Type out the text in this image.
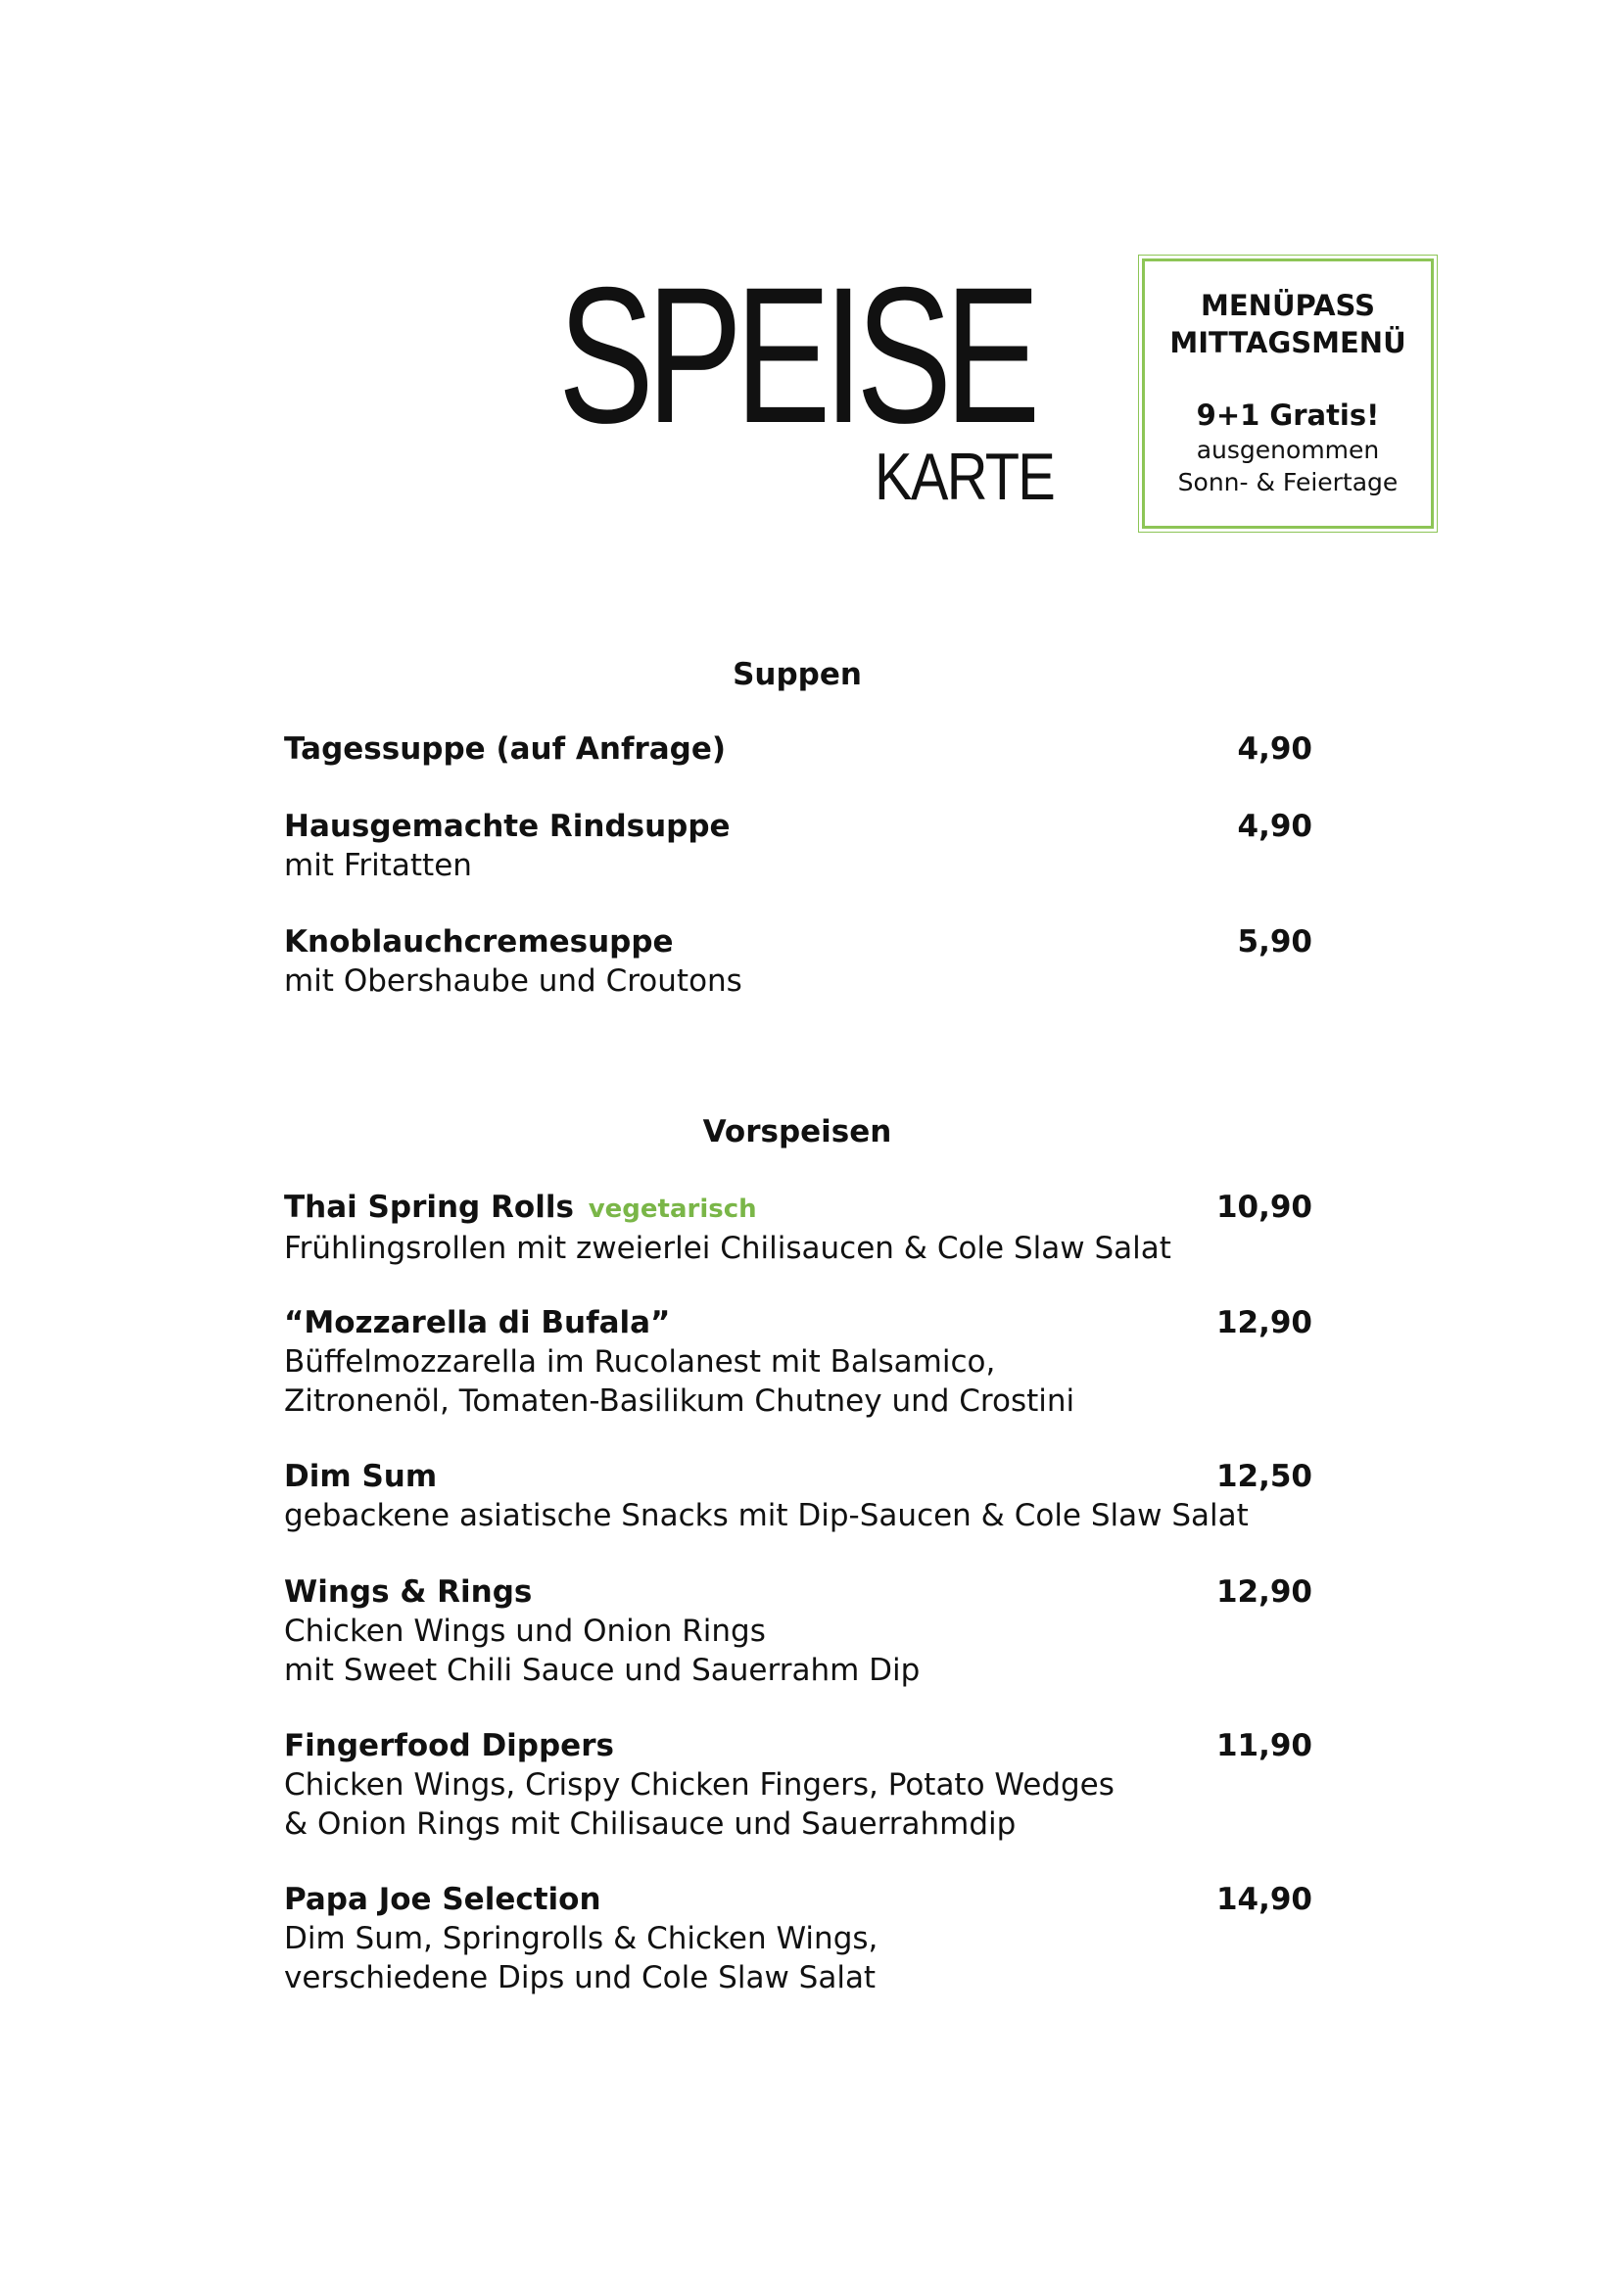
SPEISE
KARTE
MENÜPASS
MITTAGSMENÜ
9+1 Gratis!
ausgenommen
Sonn- & Feiertage
Suppen
Tagessuppe (auf Anfrage)	4,90
Hausgemachte Rindsuppe
mit Fritatten
4,90
Knoblauchcremesuppe
mit Obershaube und Croutons
5,90
Vorspeisen
Thai Spring Rolls vegetarisch
Frühlingsrollen mit zweierlei Chilisaucen & Cole Slaw Salat
10,90
“Mozzarella di Bufala”
Büffelmozzarella im Rucolanest mit Balsamico,
Zitronenöl, Tomaten-Basilikum Chutney und Crostini
12,90
Dim Sum
gebackene asiatische Snacks mit Dip-Saucen & Cole Slaw Salat
12,50
Wings & Rings
Chicken Wings und Onion Rings
mit Sweet Chili Sauce und Sauerrahm Dip
12,90
Fingerfood Dippers
Chicken Wings, Crispy Chicken Fingers, Potato Wedges
& Onion Rings mit Chilisauce und Sauerrahmdip
11,90
Papa Joe Selection
Dim Sum, Springrolls & Chicken Wings,
verschiedene Dips und Cole Slaw Salat
14,90
